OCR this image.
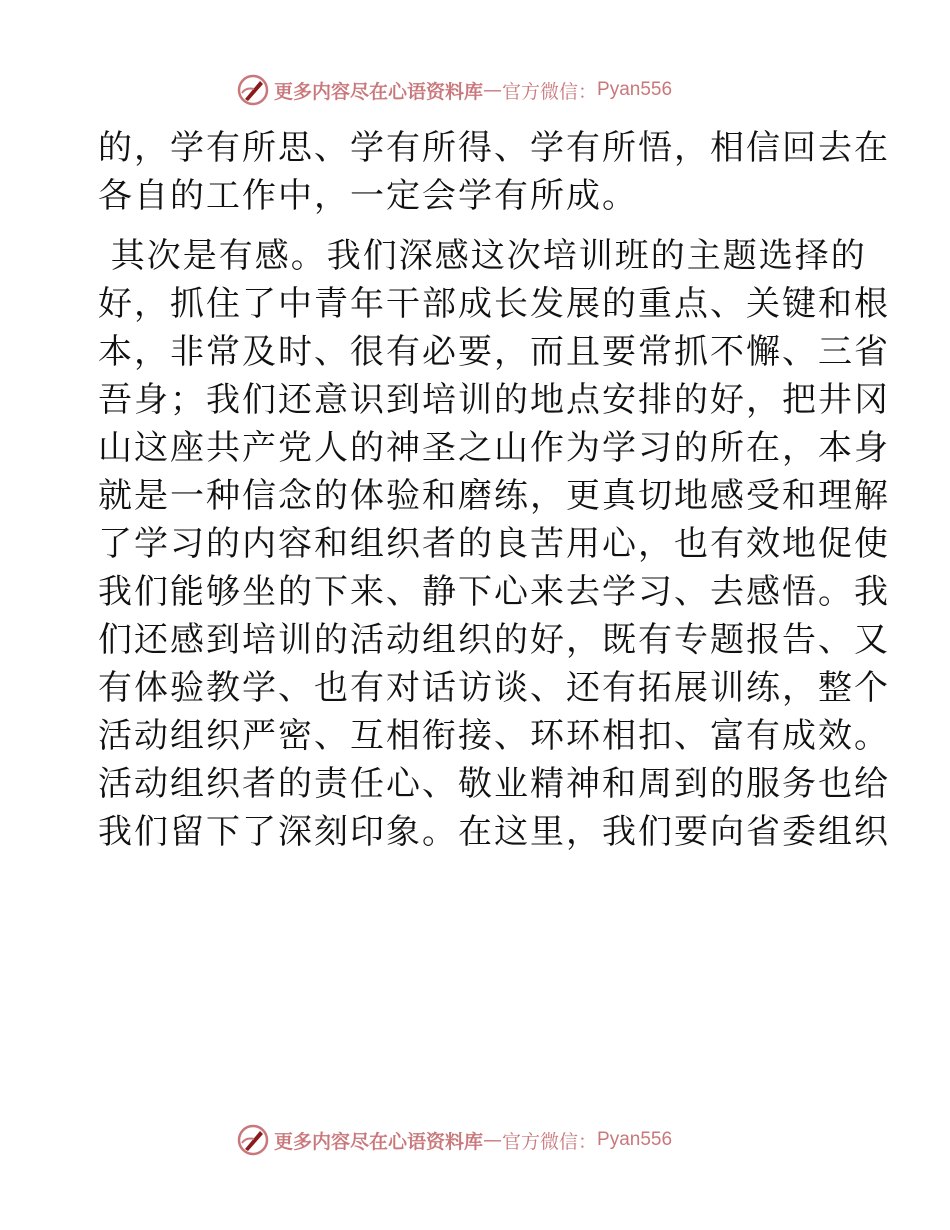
更多内容尽在心语资料库 — 官方微信： Pyan556
的，学有所思、学有所得、学有所悟，相信回去在
各自的工作中，一定会学有所成。
其次是有感。我们深感这次培训班的主题选择的
好，抓住了中青年干部成长发展的重点、关键和根
本，非常及时、很有必要，而且要常抓不懈、三省
吾身；我们还意识到培训的地点安排的好，把井冈
山这座共产党人的神圣之山作为学习的所在，本身
就是一种信念的体验和磨练，更真切地感受和理解
了学习的内容和组织者的良苦用心，也有效地促使
我们能够坐的下来、静下心来去学习、去感悟。我
们还感到培训的活动组织的好，既有专题报告、又
有体验教学、也有对话访谈、还有拓展训练，整个
活动组织严密、互相衔接、环环相扣、富有成效。
活动组织者的责任心、敬业精神和周到的服务也给
我们留下了深刻印象。在这里，我们要向省委组织
更多内容尽在心语资料库 — 官方微信： Pyan556
